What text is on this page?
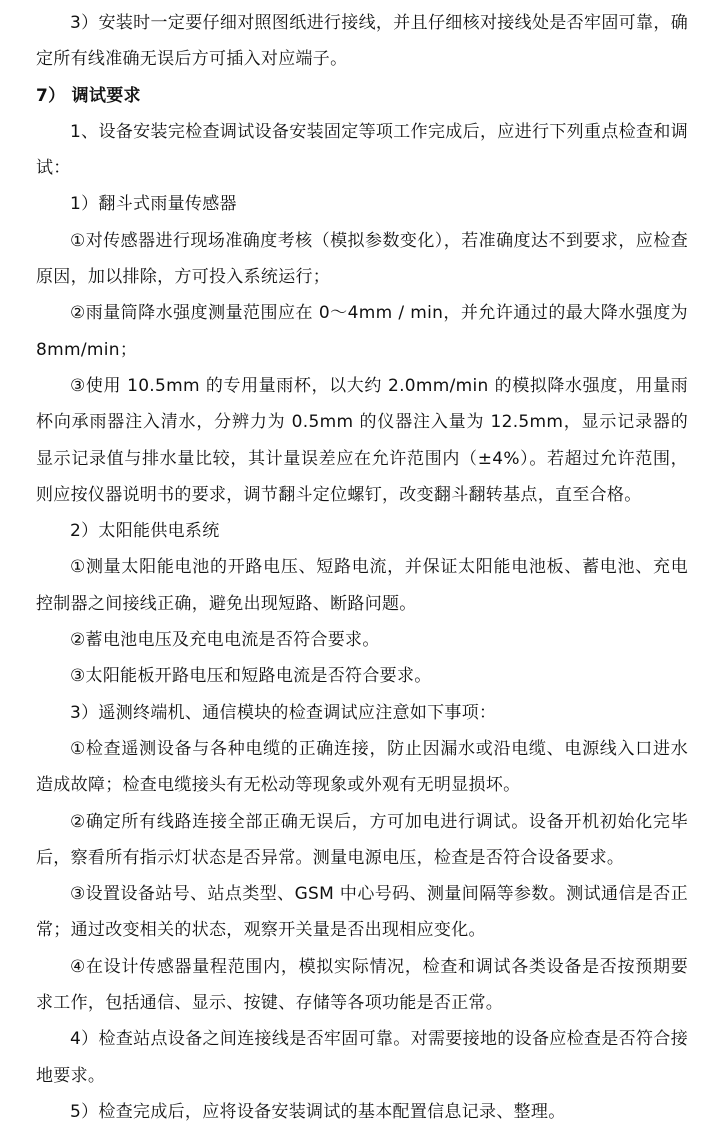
3）安装时一定要仔细对照图纸进行接线，并且仔细核对接线处是否牢固可靠，确定所有线准确无误后方可插入对应端子。

7） 调试要求

1、设备安装完检查调试设备安装固定等项工作完成后，应进行下列重点检查和调试：

1）翻斗式雨量传感器

①对传感器进行现场准确度考核（模拟参数变化），若准确度达不到要求，应检查原因，加以排除，方可投入系统运行；

②雨量筒降水强度测量范围应在 0～4mm / min，并允许通过的最大降水强度为 8mm/min；

③使用 10.5mm 的专用量雨杯，以大约 2.0mm/min 的模拟降水强度，用量雨杯向承雨器注入清水，分辨力为 0.5mm 的仪器注入量为 12.5mm，显示记录器的显示记录值与排水量比较，其计量误差应在允许范围内（±4%）。若超过允许范围，则应按仪器说明书的要求，调节翻斗定位螺钉，改变翻斗翻转基点，直至合格。

2）太阳能供电系统

①测量太阳能电池的开路电压、短路电流，并保证太阳能电池板、蓄电池、充电控制器之间接线正确，避免出现短路、断路问题。

②蓄电池电压及充电电流是否符合要求。

③太阳能板开路电压和短路电流是否符合要求。

3）遥测终端机、通信模块的检查调试应注意如下事项：

①检查遥测设备与各种电缆的正确连接，防止因漏水或沿电缆、电源线入口进水造成故障；检查电缆接头有无松动等现象或外观有无明显损坏。

②确定所有线路连接全部正确无误后，方可加电进行调试。设备开机初始化完毕后，察看所有指示灯状态是否异常。测量电源电压，检查是否符合设备要求。

③设置设备站号、站点类型、GSM 中心号码、测量间隔等参数。测试通信是否正常；通过改变相关的状态，观察开关量是否出现相应变化。

④在设计传感器量程范围内，模拟实际情况，检查和调试各类设备是否按预期要求工作，包括通信、显示、按键、存储等各项功能是否正常。

4）检查站点设备之间连接线是否牢固可靠。对需要接地的设备应检查是否符合接地要求。

5）检查完成后，应将设备安装调试的基本配置信息记录、整理。
